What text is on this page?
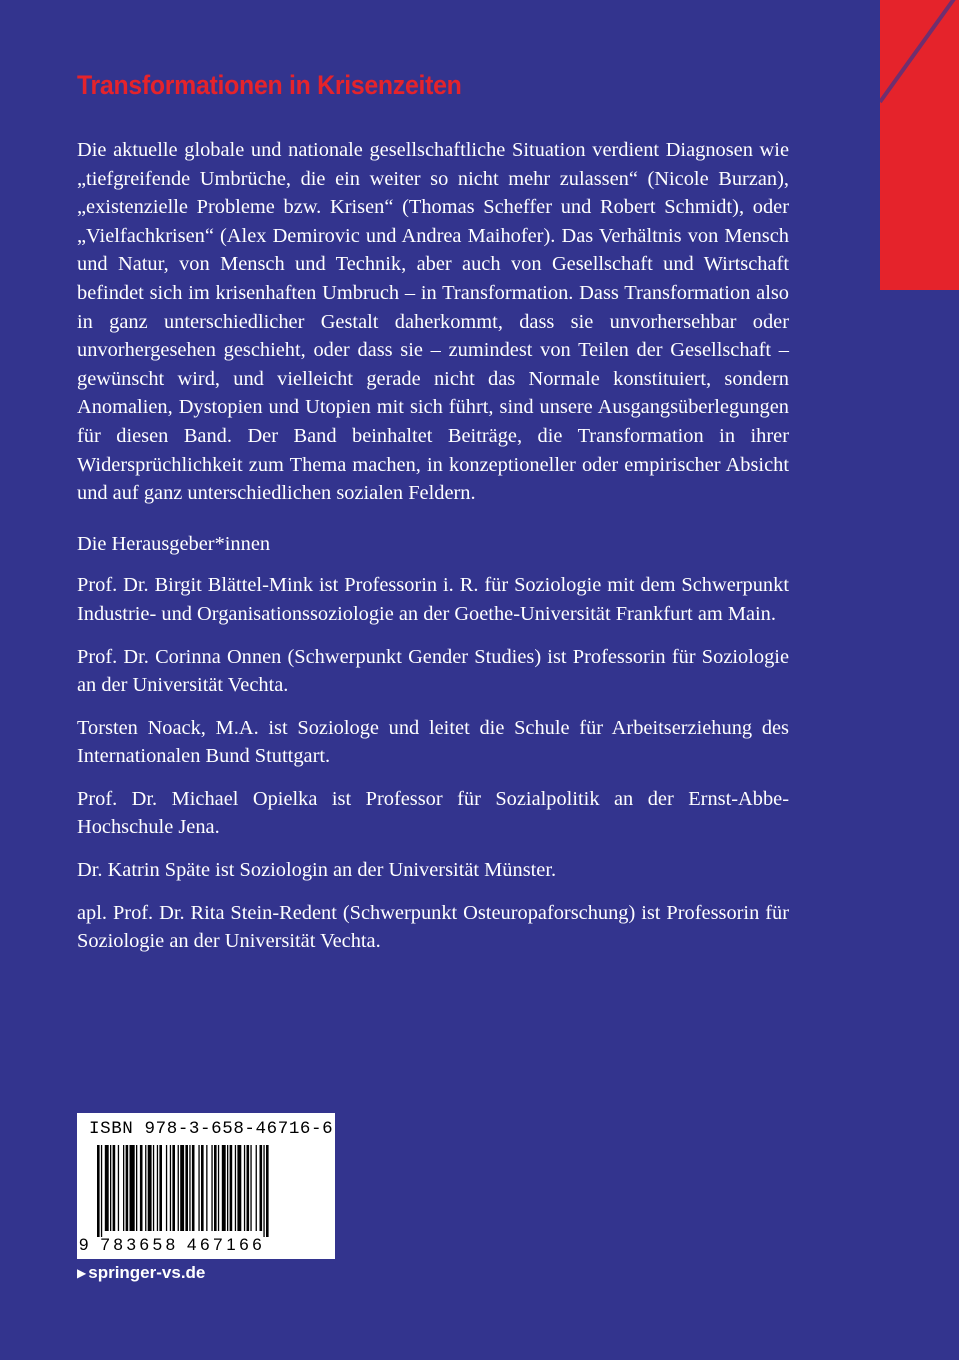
Transformationen in Krisenzeiten

Die aktuelle globale und nationale gesellschaftliche Situation verdient Diagnosen wie „tiefgreifende Umbrüche, die ein weiter so nicht mehr zulassen“ (Nicole Burzan), „existenzielle Probleme bzw. Krisen“ (Thomas Scheffer und Robert Schmidt), oder „Vielfachkrisen“ (Alex Demirovic und Andrea Maihofer). Das Verhältnis von Mensch und Natur, von Mensch und Technik, aber auch von Gesellschaft und Wirtschaft befindet sich im krisenhaften Umbruch – in Transformation. Dass Transformation also in ganz unterschiedlicher Gestalt daherkommt, dass sie unvorhersehbar oder unvorhergesehen geschieht, oder dass sie – zumindest von Teilen der Gesellschaft – gewünscht wird, und vielleicht gerade nicht das Normale konstituiert, sondern Anomalien, Dystopien und Utopien mit sich führt, sind unsere Ausgangsüberlegungen für diesen Band. Der Band beinhaltet Beiträge, die Transformation in ihrer Widersprüchlichkeit zum Thema machen, in konzeptioneller oder empirischer Absicht und auf ganz unterschiedlichen sozialen Feldern.

Die Herausgeber*innen

Prof. Dr. Birgit Blättel-Mink ist Professorin i. R. für Soziologie mit dem Schwerpunkt Industrie- und Organisationssoziologie an der Goethe-Universität Frankfurt am Main.

Prof. Dr. Corinna Onnen (Schwerpunkt Gender Studies) ist Professorin für Soziologie an der Universität Vechta.

Torsten Noack, M.A. ist Soziologe und leitet die Schule für Arbeitserziehung des Internationalen Bund Stuttgart.

Prof. Dr. Michael Opielka ist Professor für Sozialpolitik an der Ernst-Abbe-Hochschule Jena.

Dr. Katrin Späte ist Soziologin an der Universität Münster.

apl. Prof. Dr. Rita Stein-Redent (Schwerpunkt Osteuropaforschung) ist Professorin für Soziologie an der Universität Vechta.

ISBN 978-3-658-46716-6
9 783658 467166
▶ springer-vs.de
